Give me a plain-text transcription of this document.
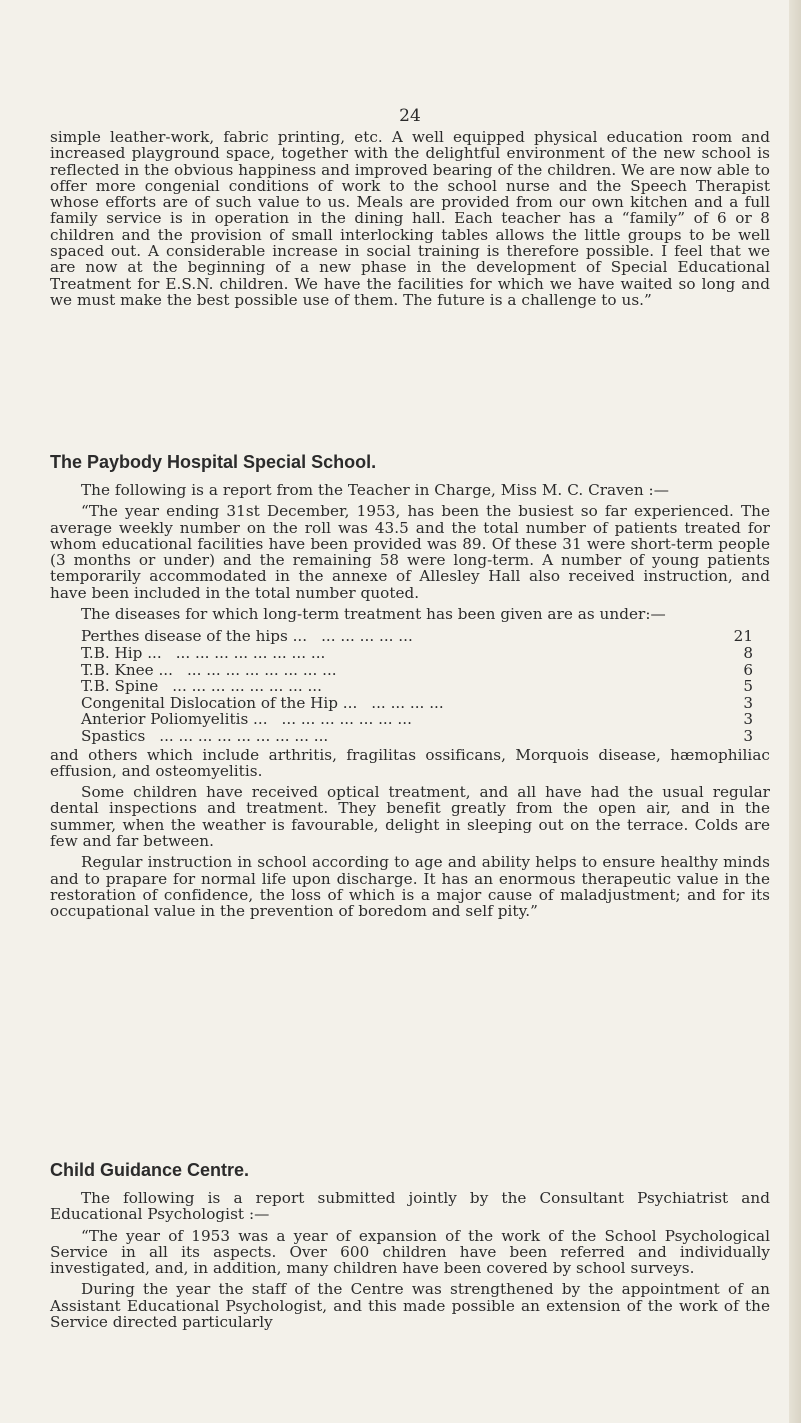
24

simple leather-work, fabric printing, etc. A well equipped physical education room and increased playground space, together with the delightful environment of the new school is reflected in the obvious happiness and improved bearing of the children. We are now able to offer more congenial conditions of work to the school nurse and the Speech Therapist whose efforts are of such value to us. Meals are provided from our own kitchen and a full family service is in operation in the dining hall. Each teacher has a “family” of 6 or 8 children and the provision of small interlocking tables allows the little groups to be well spaced out. A considerable increase in social training is therefore possible. I feel that we are now at the beginning of a new phase in the development of Special Educational Treatment for E.S.N. children. We have the facilities for which we have waited so long and we must make the best possible use of them. The future is a challenge to us.”

The Paybody Hospital Special School.

The following is a report from the Teacher in Charge, Miss M. C. Craven :—

“The year ending 31st December, 1953, has been the busiest so far experienced. The average weekly number on the roll was 43.5 and the total number of patients treated for whom educational facilities have been provided was 89. Of these 31 were short-term people (3 months or under) and the remaining 58 were long-term. A number of young patients temporarily accommodated in the annexe of Allesley Hall also received instruction, and have been included in the total number quoted.

The diseases for which long-term treatment has been given are as under:—

Perthes disease of the hips ... ... ... ... ... ...	21
T.B. Hip ... ... ... ... ... ... ... ... ...	8
T.B. Knee ... ... ... ... ... ... ... ... ...	6
T.B. Spine ... ... ... ... ... ... ... ...	5
Congenital Dislocation of the Hip ... ... ... ... ...	3
Anterior Poliomyelitis ... ... ... ... ... ... ... ...	3
Spastics ... ... ... ... ... ... ... ... ...	3

and others which include arthritis, fragilitas ossificans, Morquois disease, hæmophiliac effusion, and osteomyelitis.

Some children have received optical treatment, and all have had the usual regular dental inspections and treatment. They benefit greatly from the open air, and in the summer, when the weather is favourable, delight in sleeping out on the terrace. Colds are few and far between.

Regular instruction in school according to age and ability helps to ensure healthy minds and to prapare for normal life upon discharge. It has an enormous therapeutic value in the restoration of confidence, the loss of which is a major cause of maladjustment; and for its occupational value in the prevention of boredom and self pity.”

Child Guidance Centre.

The following is a report submitted jointly by the Consultant Psychiatrist and Educational Psychologist :—

“The year of 1953 was a year of expansion of the work of the School Psychological Service in all its aspects. Over 600 children have been referred and individually investigated, and, in addition, many children have been covered by school surveys.

During the year the staff of the Centre was strengthened by the appointment of an Assistant Educational Psychologist, and this made possible an extension of the work of the Service directed particularly
